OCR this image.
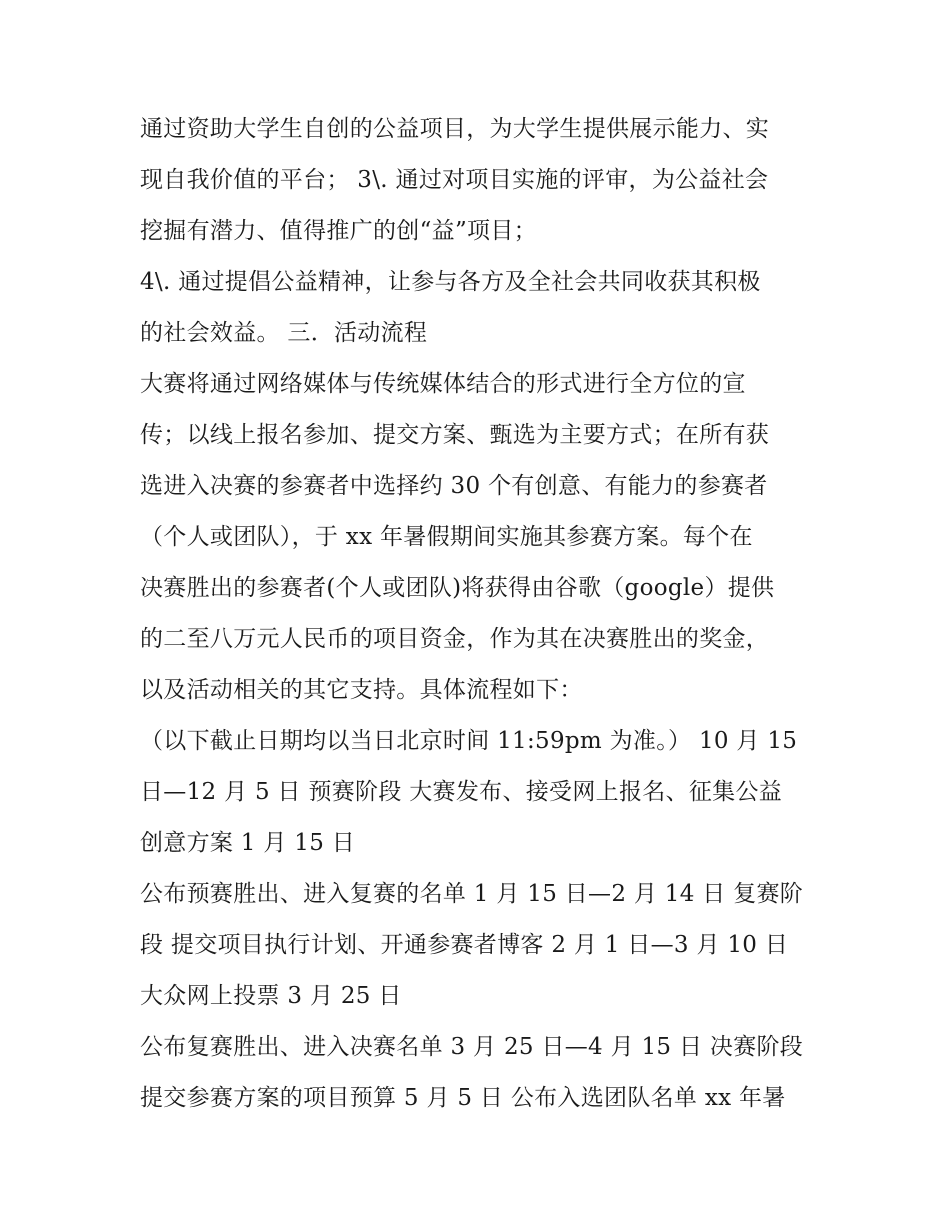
通过资助大学生自创的公益项目，为大学生提供展示能力、实
现自我价值的平台； 3\. 通过对项目实施的评审，为公益社会
挖掘有潜力、值得推广的创“益”项目；
4\. 通过提倡公益精神，让参与各方及全社会共同收获其积极
的社会效益。 三．活动流程
大赛将通过网络媒体与传统媒体结合的形式进行全方位的宣
传；以线上报名参加、提交方案、甄选为主要方式；在所有获
选进入决赛的参赛者中选择约 30 个有创意、有能力的参赛者
（个人或团队），于 xx 年暑假期间实施其参赛方案。每个在
决赛胜出的参赛者(个人或团队)将获得由谷歌（google）提供
的二至八万元人民币的项目资金，作为其在决赛胜出的奖金，
以及活动相关的其它支持。具体流程如下：
（以下截止日期均以当日北京时间 11:59pm 为准。） 10 月 15
日—12 月 5 日 预赛阶段 大赛发布、接受网上报名、征集公益
创意方案 1 月 15 日
公布预赛胜出、进入复赛的名单 1 月 15 日—2 月 14 日 复赛阶
段 提交项目执行计划、开通参赛者博客 2 月 1 日—3 月 10 日
大众网上投票 3 月 25 日
公布复赛胜出、进入决赛名单 3 月 25 日—4 月 15 日 决赛阶段
提交参赛方案的项目预算 5 月 5 日 公布入选团队名单 xx 年暑
